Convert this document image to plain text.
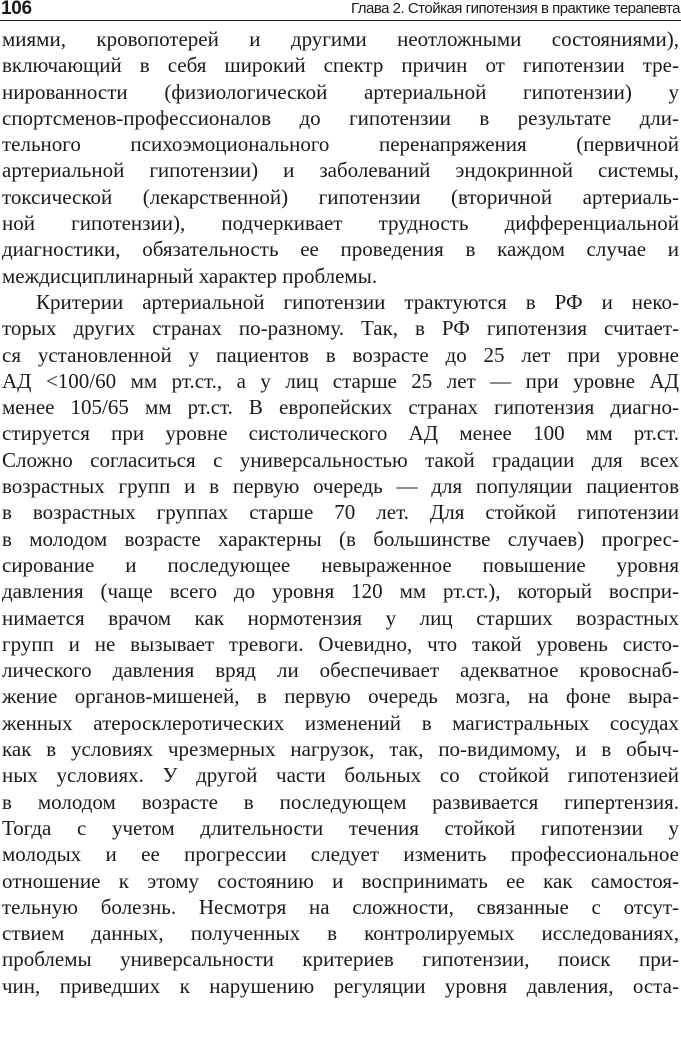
106	Глава 2. Стойкая гипотензия в практике терапевта
миями, кровопотерей и другими неотложными состояниями),
включающий в себя широкий спектр причин от гипотензии тре-
нированности (физиологической артериальной гипотензии) у
спортсменов-профессионалов до гипотензии в результате дли-
тельного психоэмоционального перенапряжения (первичной
артериальной гипотензии) и заболеваний эндокринной системы,
токсической (лекарственной) гипотензии (вторичной артериаль-
ной гипотензии), подчеркивает трудность дифференциальной
диагностики, обязательность ее проведения в каждом случае и
междисциплинарный характер проблемы.
Критерии артериальной гипотензии трактуются в РФ и неко-
торых других странах по-разному. Так, в РФ гипотензия считает-
ся установленной у пациентов в возрасте до 25 лет при уровне
АД <100/60 мм рт.ст., а у лиц старше 25 лет — при уровне АД
менее 105/65 мм рт.ст. В европейских странах гипотензия диагно-
стируется при уровне систолического АД менее 100 мм рт.ст.
Сложно согласиться с универсальностью такой градации для всех
возрастных групп и в первую очередь — для популяции пациентов
в возрастных группах старше 70 лет. Для стойкой гипотензии
в молодом возрасте характерны (в большинстве случаев) прогрес-
сирование и последующее невыраженное повышение уровня
давления (чаще всего до уровня 120 мм рт.ст.), который воспри-
нимается врачом как нормотензия у лиц старших возрастных
групп и не вызывает тревоги. Очевидно, что такой уровень систо-
лического давления вряд ли обеспечивает адекватное кровоснаб-
жение органов-мишеней, в первую очередь мозга, на фоне выра-
женных атеросклеротических изменений в магистральных сосудах
как в условиях чрезмерных нагрузок, так, по-видимому, и в обыч-
ных условиях. У другой части больных со стойкой гипотензией
в молодом возрасте в последующем развивается гипертензия.
Тогда с учетом длительности течения стойкой гипотензии у
молодых и ее прогрессии следует изменить профессиональное
отношение к этому состоянию и воспринимать ее как самостоя-
тельную болезнь. Несмотря на сложности, связанные с отсут-
ствием данных, полученных в контролируемых исследованиях,
проблемы универсальности критериев гипотензии, поиск при-
чин, приведших к нарушению регуляции уровня давления, оста-
